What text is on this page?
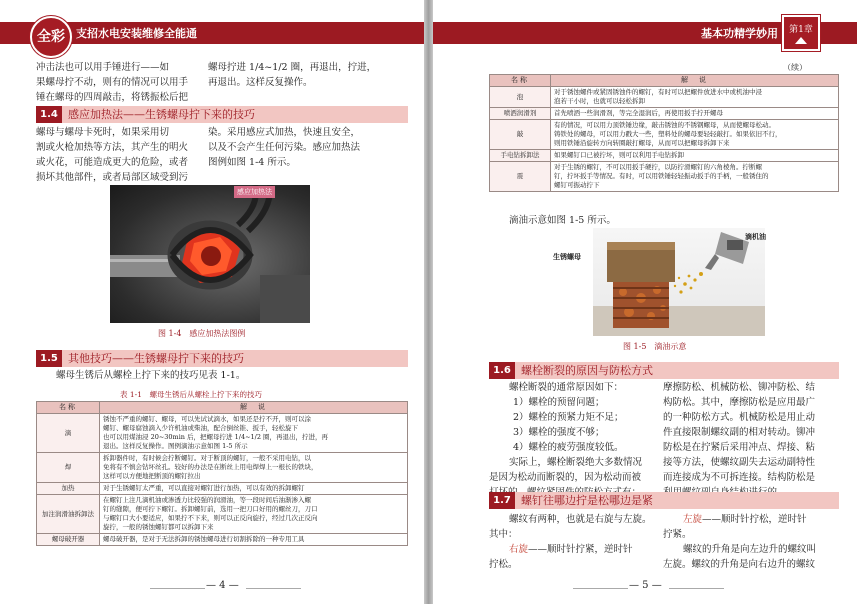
全彩	支招水电安装维修全能通
冲击法也可以用手锤进行——如
果螺母拧不动，则有的情况可以用手
锤在螺母的四周敲击，将锈振松后把
螺母拧进 1/4~1/2 圈，再退出，拧进，
再退出。这样反复操作。
1.4 感应加热法——生锈螺母拧下来的技巧
螺母与螺母卡死时，如果采用切
割或火枪加热等方法，其产生的明火
或火花，可能造成更大的危险，或者
损坏其他部件，或者局部区域受到污
染。采用感应式加热，快速且安全，
以及不会产生任何污染。感应加热法
图例如图 1-4 所示。
感应加热法
图 1-4　感应加热法图例
1.5 其他技巧——生锈螺母拧下来的技巧
螺母生锈后从螺栓上拧下来的技巧见表 1-1。
表 1-1　螺母生锈后从螺栓上拧下来的技巧
名称	解　说
滴	锈蚀不严重的螺钉、螺母，可以先试试滴水，如果还是拧不开，则可以涂
螺钉、螺母腐蚀滴入少许机油或柴油，配合倒丝锥、扳手，轻松旋下
也可以用煤油浸 20~30min 后，把螺母拧进 1/4~1/2 圈，再退出，拧进，再
退出。这样反复操作。图例滴油示意如图 1-5 所示

焊	拆卸器件时，有时候会拧断螺钉。对于断顶的螺钉，一般不采用电钻，以
免将有不慎会钻坏丝孔。较好的办法是在断丝上用电焊焊上一根长的铁块，
这样可以方便地把断顶的螺钉拉出

加热	对于生锈螺钉太严重，可以直接对螺钉进行加热，可以有效的拆卸螺钉

加注润滑油拆卸法	在螺钉上注几滴机油或渗透力比较强的润滑油，等一段时间后油渐渗入螺
钉的缝隙，便可拧下螺钉。拆卸螺钉前，选用一把刀口好用的螺丝刀，刀口
与螺钉口大小要适应，如果拧不下来，则可以正反向旋拧，经过几次正反向
旋拧，一般的锈蚀螺钉都可以拆卸下来

螺母破开器	螺母破开器，是对于无法拆卸的锈蚀螺母进行切割拆除的一种专用工具
— 4 —
基本功精学妙用	第1章
（续）
名称	解　说
泡	对于锈蚀螺件或紧固锈蚀件的螺钉，有时可以把螺件放进水中或机油中浸
泡若干小时，也就可以轻松拆卸

喷洒润滑剂	首先喷洒一些润滑剂，等完全湿润后，再使用扳手拧开螺母

敲	有的情况，可以用力顶铁锤边缘，敲击锈蚀的不锈钢螺母，从而使螺母松动。
铸铁处的螺母，可以用力戳大一些，塑料处的螺母要轻轻敲打。如果依旧不行，
则用铁锤沿旋转方向转圈敲打螺母，从而可以把螺母拆卸下来

手电钻拆卸法	如果螺钉口已被拧坏，则可以利用手电钻拆卸

震	对于生锈的螺钉，不可以用扳手硬拧，以防拧滑螺钉的六角棱角。拧断螺
钉，拧坏扳手等情况。有时，可以用铁锤轻轻振动扳手的手柄，一般锈住的
螺钉可振动拧下
滴油示意如图 1-5 所示。
生锈螺母
滴机油
图 1-5　滴油示意
1.6 螺栓断裂的原因与防松方式
螺栓断裂的通常原因如下：
1）螺栓的预留问题；
2）螺栓的预紧力矩不足；
3）螺栓的强度不够；
4）螺栓的疲劳强度较低。
实际上，螺栓断裂绝大多数情况
是因为松动而断裂的，因为松动而被
摩擦防松、机械防松、铆冲防松、结
构防松。其中，摩擦防松是应用最广
的一种防松方式。机械防松是用止动
件直接限制螺纹副的相对转动。铆冲
防松是在拧紧后采用冲点、焊接、粘
接等方法，使螺纹副失去运动副特性
而连接成为不可拆连接。结构防松是
1.7 螺钉往哪边拧是松哪边是紧
螺纹有两种，也就是右旋与左旋。
其中：
右旋——顺时针拧紧，逆时针
拧松。
左旋——顺时针拧松，逆时针
拧紧。
螺纹的升角是向左边升的螺纹叫
左旋。螺纹的升角是向右边升的螺纹
— 5 —
